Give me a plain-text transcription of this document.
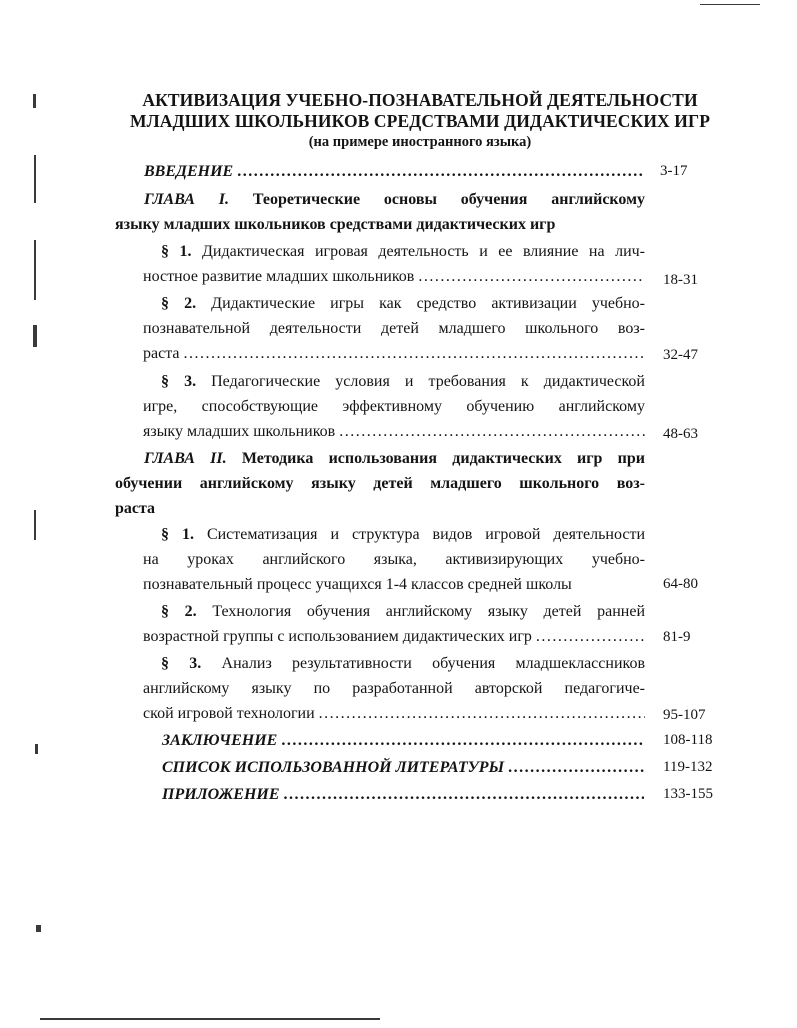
АКТИВИЗАЦИЯ УЧЕБНО-ПОЗНАВАТЕЛЬНОЙ ДЕЯТЕЛЬНОСТИ
МЛАДШИХ ШКОЛЬНИКОВ СРЕДСТВАМИ ДИДАКТИЧЕСКИХ ИГР
(на примере иностранного языка)
ВВЕДЕНИЕ .....	3-17
ГЛАВА I. Теоретические основы обучения английскому
языку младших школьников средствами дидактических игр
§ 1. Дидактическая игровая деятельность и ее влияние на лич-
ностное развитие младших школьников .....	18-31
§ 2. Дидактические игры как средство активизации учебно-
познавательной деятельности детей младшего школьного воз-
раста .....	32-47
§ 3. Педагогические условия и требования к дидактической
игре, способствующие эффективному обучению английскому
языку младших школьников .....	48-63
ГЛАВА II. Методика использования дидактических игр при
обучении английскому языку детей младшего школьного воз-
раста
§ 1. Систематизация и структура видов игровой деятельности
на уроках английского языка, активизирующих учебно-
познавательный процесс учащихся 1-4 классов средней школы	64-80
§ 2. Технология обучения английскому языку детей ранней
возрастной группы с использованием дидактических игр .....	81-9
§ 3. Анализ результативности обучения младшеклассников
английскому языку по разработанной авторской педагогиче-
ской игровой технологии .....	95-107
ЗАКЛЮЧЕНИЕ .....	108-118
СПИСОК ИСПОЛЬЗОВАННОЙ ЛИТЕРАТУРЫ .....	119-132
ПРИЛОЖЕНИЕ .....	133-155
